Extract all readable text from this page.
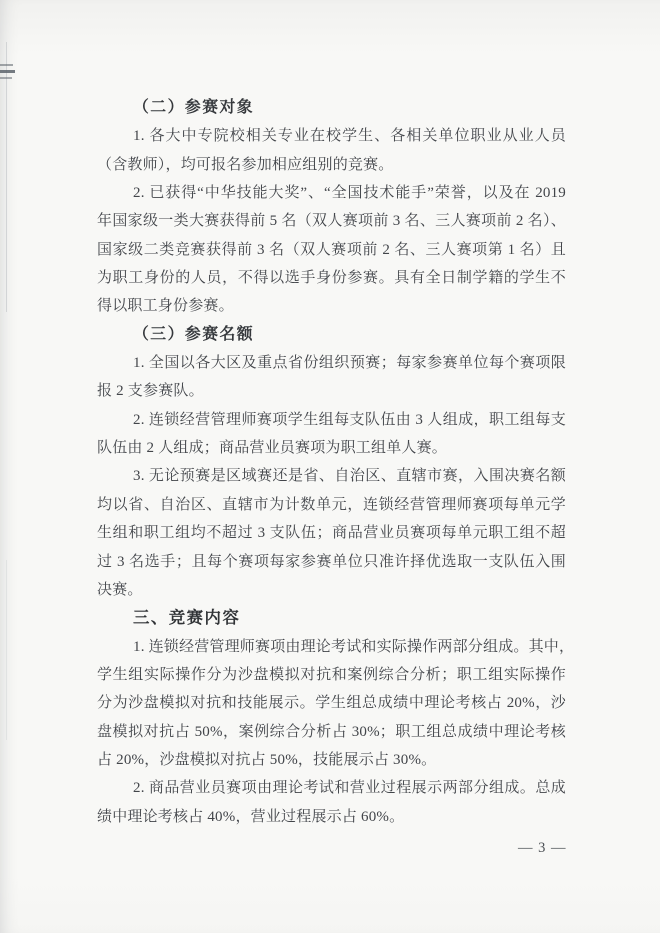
（二）参赛对象
1. 各大中专院校相关专业在校学生、各相关单位职业从业人员
（含教师），均可报名参加相应组别的竞赛。
2. 已获得“中华技能大奖”、“全国技术能手”荣誉，以及在 2019
年国家级一类大赛获得前 5 名（双人赛项前 3 名、三人赛项前 2 名）、
国家级二类竞赛获得前 3 名（双人赛项前 2 名、三人赛项第 1 名）且
为职工身份的人员，不得以选手身份参赛。具有全日制学籍的学生不
得以职工身份参赛。
（三）参赛名额
1. 全国以各大区及重点省份组织预赛；每家参赛单位每个赛项限
报 2 支参赛队。
2. 连锁经营管理师赛项学生组每支队伍由 3 人组成，职工组每支
队伍由 2 人组成；商品营业员赛项为职工组单人赛。
3. 无论预赛是区域赛还是省、自治区、直辖市赛，入围决赛名额
均以省、自治区、直辖市为计数单元，连锁经营管理师赛项每单元学
生组和职工组均不超过 3 支队伍；商品营业员赛项每单元职工组不超
过 3 名选手；且每个赛项每家参赛单位只准许择优选取一支队伍入围
决赛。
三、竞赛内容
1. 连锁经营管理师赛项由理论考试和实际操作两部分组成。其中，
学生组实际操作分为沙盘模拟对抗和案例综合分析；职工组实际操作
分为沙盘模拟对抗和技能展示。学生组总成绩中理论考核占 20%，沙
盘模拟对抗占 50%，案例综合分析占 30%；职工组总成绩中理论考核
占 20%，沙盘模拟对抗占 50%，技能展示占 30%。
2. 商品营业员赛项由理论考试和营业过程展示两部分组成。总成
绩中理论考核占 40%，营业过程展示占 60%。
— 3 —
